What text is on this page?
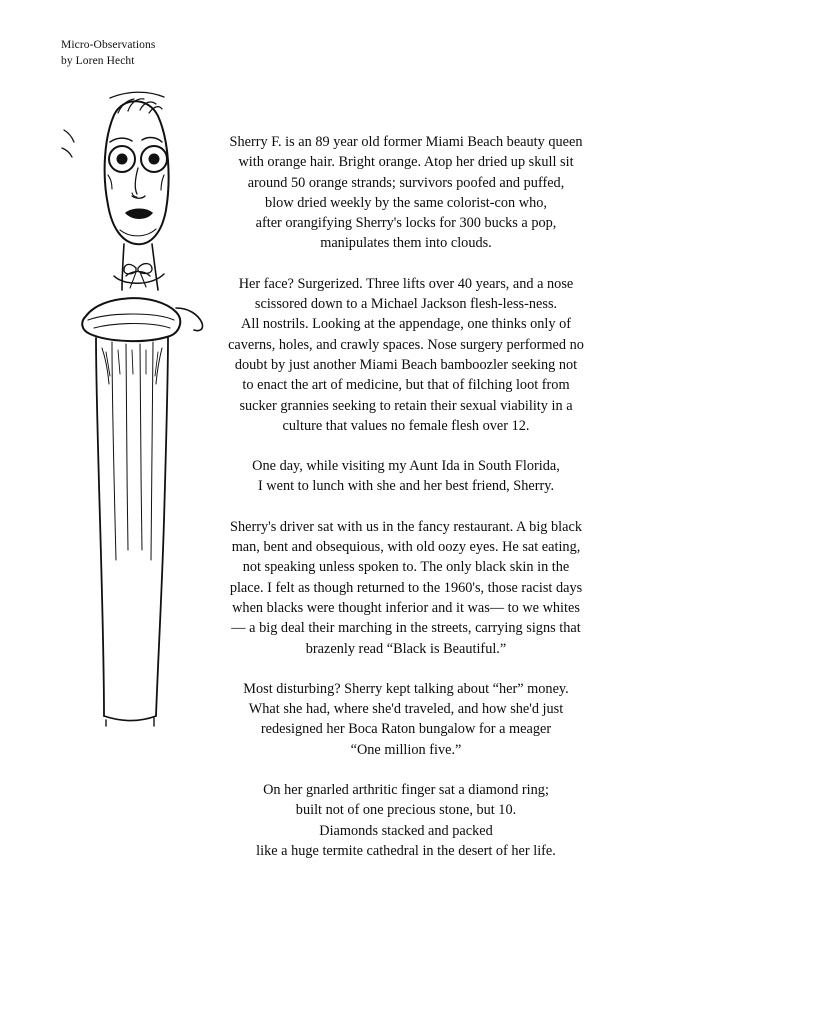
Micro-Observations
by Loren Hecht

Sherry F. is an 89 year old former Miami Beach beauty queen
with orange hair. Bright orange. Atop her dried up skull sit
around 50 orange strands; survivors poofed and puffed,
blow dried weekly by the same colorist-con who,
after orangifying Sherry's locks for 300 bucks a pop,
manipulates them into clouds.

Her face? Surgerized. Three lifts over 40 years, and a nose
scissored down to a Michael Jackson flesh-less-ness.
All nostrils. Looking at the appendage, one thinks only of
caverns, holes, and crawly spaces. Nose surgery performed no
doubt by just another Miami Beach bamboozler seeking not
to enact the art of medicine, but that of filching loot from
sucker grannies seeking to retain their sexual viability in a
culture that values no female flesh over 12.

One day, while visiting my Aunt Ida in South Florida,
I went to lunch with she and her best friend, Sherry.

Sherry's driver sat with us in the fancy restaurant. A big black
man, bent and obsequious, with old oozy eyes. He sat eating,
not speaking unless spoken to. The only black skin in the
place. I felt as though returned to the 1960's, those racist days
when blacks were thought inferior and it was— to we whites
— a big deal their marching in the streets, carrying signs that
brazenly read “Black is Beautiful.”

Most disturbing? Sherry kept talking about “her” money.
What she had, where she'd traveled, and how she'd just
redesigned her Boca Raton bungalow for a meager
“One million five.”

On her gnarled arthritic finger sat a diamond ring;
built not of one precious stone, but 10.
Diamonds stacked and packed
like a huge termite cathedral in the desert of her life.
